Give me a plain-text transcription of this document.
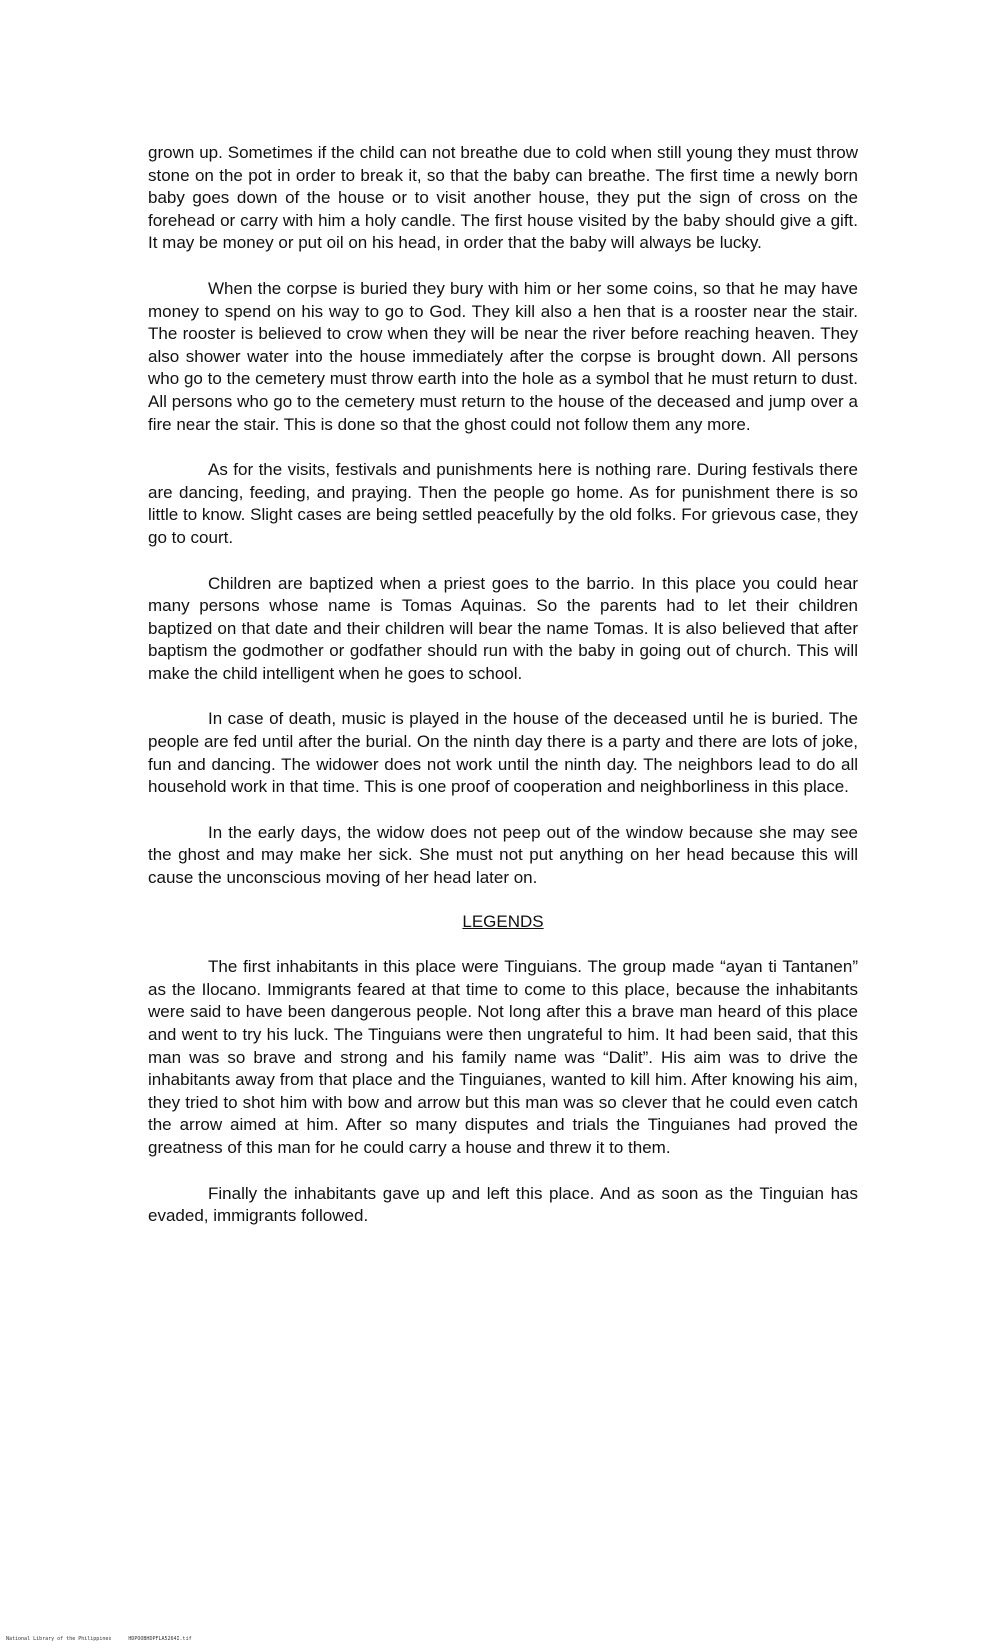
grown up. Sometimes if the child can not breathe due to cold when still young they must throw stone on the pot in order to break it, so that the baby can breathe. The first time a newly born baby goes down of the house or to visit another house, they put the sign of cross on the forehead or carry with him a holy candle. The first house visited by the baby should give a gift. It may be money or put oil on his head, in order that the baby will always be lucky.

When the corpse is buried they bury with him or her some coins, so that he may have money to spend on his way to go to God. They kill also a hen that is a rooster near the stair. The rooster is believed to crow when they will be near the river before reaching heaven. They also shower water into the house immediately after the corpse is brought down. All persons who go to the cemetery must throw earth into the hole as a symbol that he must return to dust. All persons who go to the cemetery must return to the house of the deceased and jump over a fire near the stair. This is done so that the ghost could not follow them any more.

As for the visits, festivals and punishments here is nothing rare. During festivals there are dancing, feeding, and praying. Then the people go home. As for punishment there is so little to know. Slight cases are being settled peacefully by the old folks. For grievous case, they go to court.

Children are baptized when a priest goes to the barrio. In this place you could hear many persons whose name is Tomas Aquinas. So the parents had to let their children baptized on that date and their children will bear the name Tomas. It is also believed that after baptism the godmother or godfather should run with the baby in going out of church. This will make the child intelligent when he goes to school.

In case of death, music is played in the house of the deceased until he is buried. The people are fed until after the burial. On the ninth day there is a party and there are lots of joke, fun and dancing. The widower does not work until the ninth day. The neighbors lead to do all household work in that time. This is one proof of cooperation and neighborliness in this place.

In the early days, the widow does not peep out of the window because she may see the ghost and may make her sick. She must not put anything on her head because this will cause the unconscious moving of her head later on.

LEGENDS

The first inhabitants in this place were Tinguians. The group made “ayan ti Tantanen” as the Ilocano. Immigrants feared at that time to come to this place, because the inhabitants were said to have been dangerous people. Not long after this a brave man heard of this place and went to try his luck. The Tinguians were then ungrateful to him. It had been said, that this man was so brave and strong and his family name was “Dalit”. His aim was to drive the inhabitants away from that place and the Tinguianes, wanted to kill him. After knowing his aim, they tried to shot him with bow and arrow but this man was so clever that he could even catch the arrow aimed at him. After so many disputes and trials the Tinguianes had proved the greatness of this man for he could carry a house and threw it to them.

Finally the inhabitants gave up and left this place. And as soon as the Tinguian has evaded, immigrants followed.

National Library of the Philippines	HDPOOBHDPFLA5264I.tif
